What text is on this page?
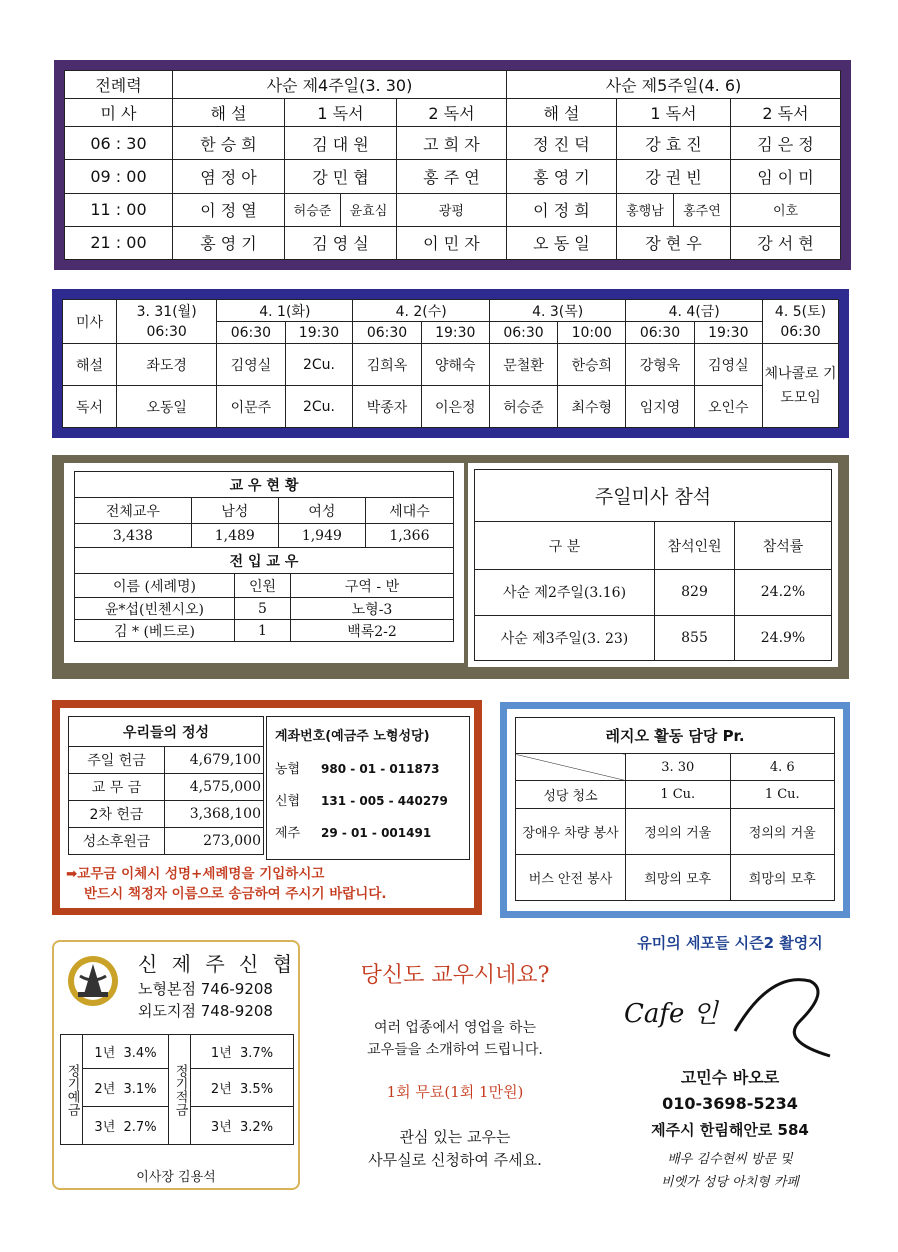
전례력	사순 제4주일(3. 30)				사순 제5주일(4. 6)			
미 사	해 설	1 독서		2 독서	해 설	1 독서		2 독서
06 : 30	한 승 희	김 대 원		고 희 자	정 진 덕	강 효 진		김 은 정
09 : 00	염 정 아	강 민 협		홍 주 연	홍 영 기	강 권 빈		임 이 미
11 : 00	이 정 열	허승준	윤효심	광평	이 정 희	홍행남	홍주연	이호
21 : 00	홍 영 기	김 영 실		이 민 자	오 동 일	장 현 우		강 서 현
미사	3. 31(월)	4. 1(화)		4. 2(수)		4. 3(목)		4. 4(금)		4. 5(토)
	06:30	06:30	19:30	06:30	19:30	06:30	10:00	06:30	19:30	06:30
해설	좌도경	김영실	2Cu.	김희옥	양해숙	문철환	한승희	강형욱	김영실	체나콜로 기도모임
독서	오동일	이문주	2Cu.	박종자	이은정	허승준	최수형	임지영	오인수	
교 우 현 황			
전체교우	남성	여성	세대수
3,438	1,489	1,949	1,366
전 입 교 우		
이름 (세례명)	인원	구역 - 반
윤*섭(빈첸시오)	5	노형-3
김 * (베드로)	1	백록2-2
주일미사 참석		
구 분	참석인원	참석률
사순 제2주일(3.16)	829	24.2%
사순 제3주일(3. 23)	855	24.9%
우리들의 정성	
주일 헌금	4,679,100
교 무 금	4,575,000
2차 헌금	3,368,100
성소후원금	273,000
계좌번호(예금주 노형성당)
농협 980 - 01 - 011873
신협 131 - 005 - 440279
제주 29 - 01 - 001491
➡교무금 이체시 성명+세례명을 기입하시고
반드시 책정자 이름으로 송금하여 주시기 바랍니다.
레지오 활동 담당 Pr.		
	3. 30	4. 6
성당 청소	1 Cu.	1 Cu.
장애우 차량 봉사	정의의 거울	정의의 거울
버스 안전 봉사	희망의 모후	희망의 모후
신 제 주 신 협
노형본점 746-9208
외도지점 748-9208
정기예금	1년 3.4%	정기적금	1년 3.7%
	2년 3.1%		2년 3.5%
	3년 2.7%		3년 3.2%
이사장 김용석
당신도 교우시네요?
여러 업종에서 영업을 하는
교우들을 소개하여 드립니다.
1회 무료(1회 1만원)
관심 있는 교우는
사무실로 신청하여 주세요.
유미의 세포들 시즌2 촬영지
Cafe 인
고민수 바오로
010-3698-5234
제주시 한림해안로 584
배우 김수현씨 방문 및
비엣가 성당 아치형 카페
